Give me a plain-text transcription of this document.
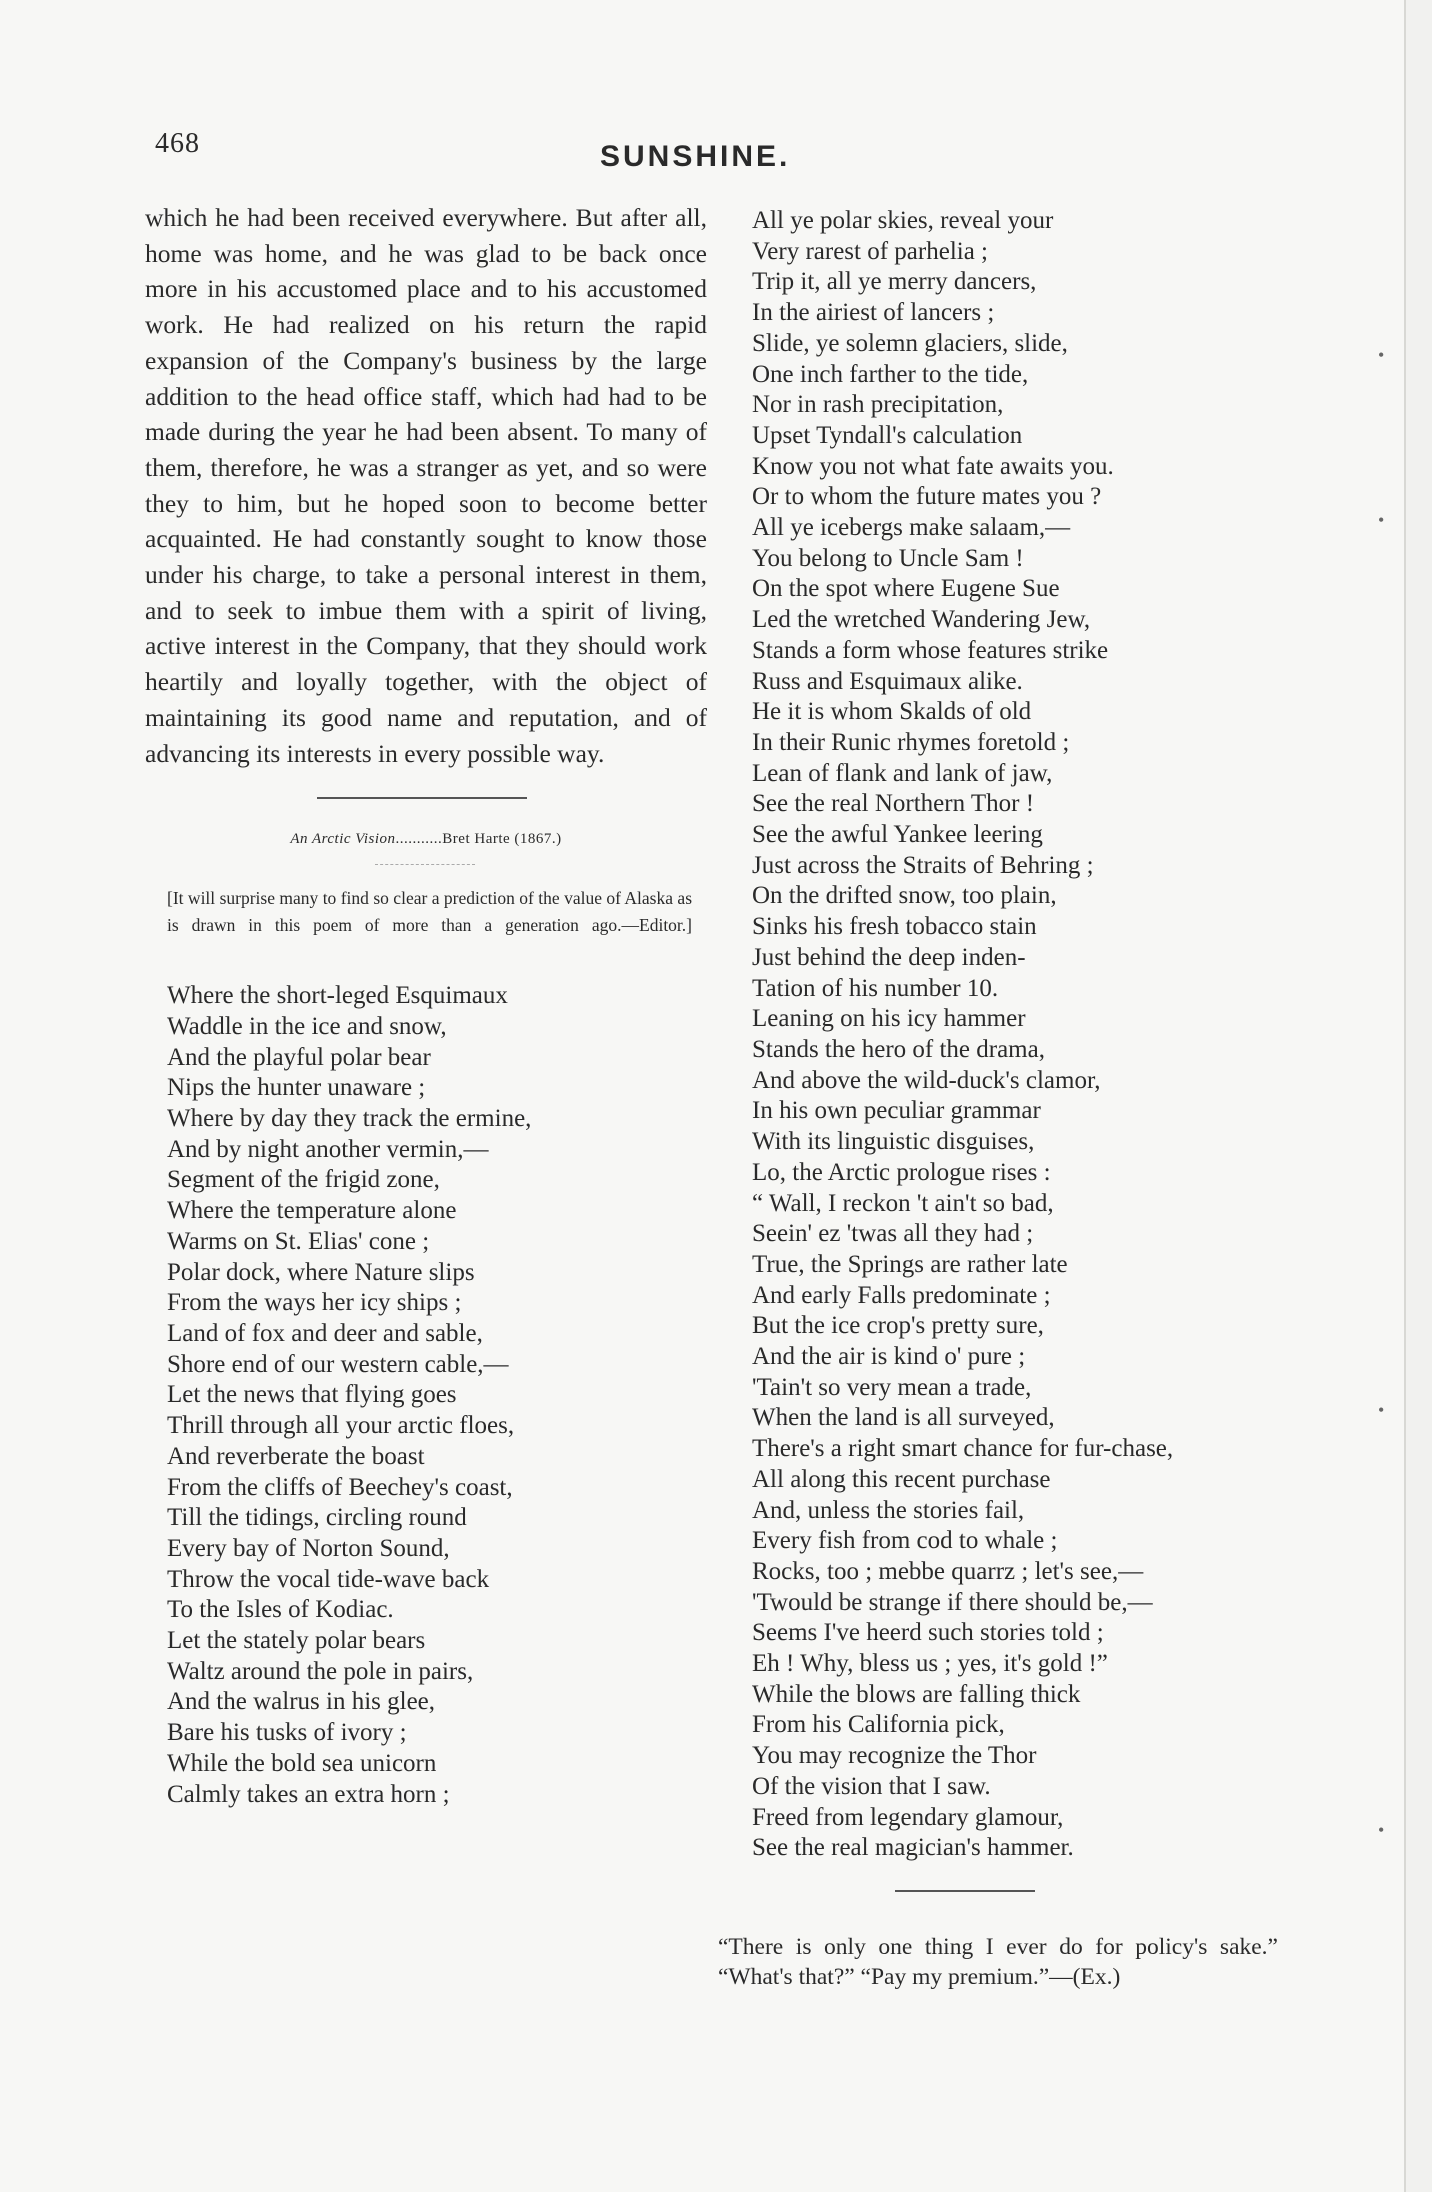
468	SUNSHINE.

which he had been received everywhere. But after all, home was home, and he was glad to be back once more in his accustomed place and to his accustomed work. He had realized on his return the rapid expansion of the Company's business by the large addition to the head office staff, which had had to be made during the year he had been absent. To many of them, therefore, he was a stranger as yet, and so were they to him, but he hoped soon to become better acquainted. He had constantly sought to know those under his charge, to take a personal interest in them, and to seek to imbue them with a spirit of living, active interest in the Company, that they should work heartily and loyally together, with the object of maintaining its good name and reputation, and of advancing its interests in every possible way.

An Arctic Vision...........Bret Harte (1867.)
[It will surprise many to find so clear a prediction of the value of Alaska as is drawn in this poem of more than a generation ago.—Editor.]
Where the short-leged Esquimaux
Waddle in the ice and snow,
And the playful polar bear
Nips the hunter unaware ;
Where by day they track the ermine,
And by night another vermin,—
Segment of the frigid zone,
Where the temperature alone
Warms on St. Elias' cone ;
Polar dock, where Nature slips
From the ways her icy ships ;
Land of fox and deer and sable,
Shore end of our western cable,—
Let the news that flying goes
Thrill through all your arctic floes,
And reverberate the boast
From the cliffs of Beechey's coast,
Till the tidings, circling round
Every bay of Norton Sound,
Throw the vocal tide-wave back
To the Isles of Kodiac.
Let the stately polar bears
Waltz around the pole in pairs,
And the walrus in his glee,
Bare his tusks of ivory ;
While the bold sea unicorn
Calmly takes an extra horn ;
All ye polar skies, reveal your
Very rarest of parhelia ;
Trip it, all ye merry dancers,
In the airiest of lancers ;
Slide, ye solemn glaciers, slide,
One inch farther to the tide,
Nor in rash precipitation,
Upset Tyndall's calculation
Know you not what fate awaits you.
Or to whom the future mates you ?
All ye icebergs make salaam,—
You belong to Uncle Sam !
On the spot where Eugene Sue
Led the wretched Wandering Jew,
Stands a form whose features strike
Russ and Esquimaux alike.
He it is whom Skalds of old
In their Runic rhymes foretold ;
Lean of flank and lank of jaw,
See the real Northern Thor !
See the awful Yankee leering
Just across the Straits of Behring ;
On the drifted snow, too plain,
Sinks his fresh tobacco stain
Just behind the deep inden-
Tation of his number 10.
Leaning on his icy hammer
Stands the hero of the drama,
And above the wild-duck's clamor,
In his own peculiar grammar
With its linguistic disguises,
Lo, the Arctic prologue rises :
“ Wall, I reckon 't ain't so bad,
Seein' ez 'twas all they had ;
True, the Springs are rather late
And early Falls predominate ;
But the ice crop's pretty sure,
And the air is kind o' pure ;
'Tain't so very mean a trade,
When the land is all surveyed,
There's a right smart chance for fur-chase,
All along this recent purchase
And, unless the stories fail,
Every fish from cod to whale ;
Rocks, too ; mebbe quarrz ; let's see,—
'Twould be strange if there should be,—
Seems I've heerd such stories told ;
Eh ! Why, bless us ; yes, it's gold !”
While the blows are falling thick
From his California pick,
You may recognize the Thor
Of the vision that I saw.
Freed from legendary glamour,
See the real magician's hammer.
“There is only one thing I ever do for policy's sake.” “What's that?” “Pay my premium.”—(Ex.)
•
•
•
•
